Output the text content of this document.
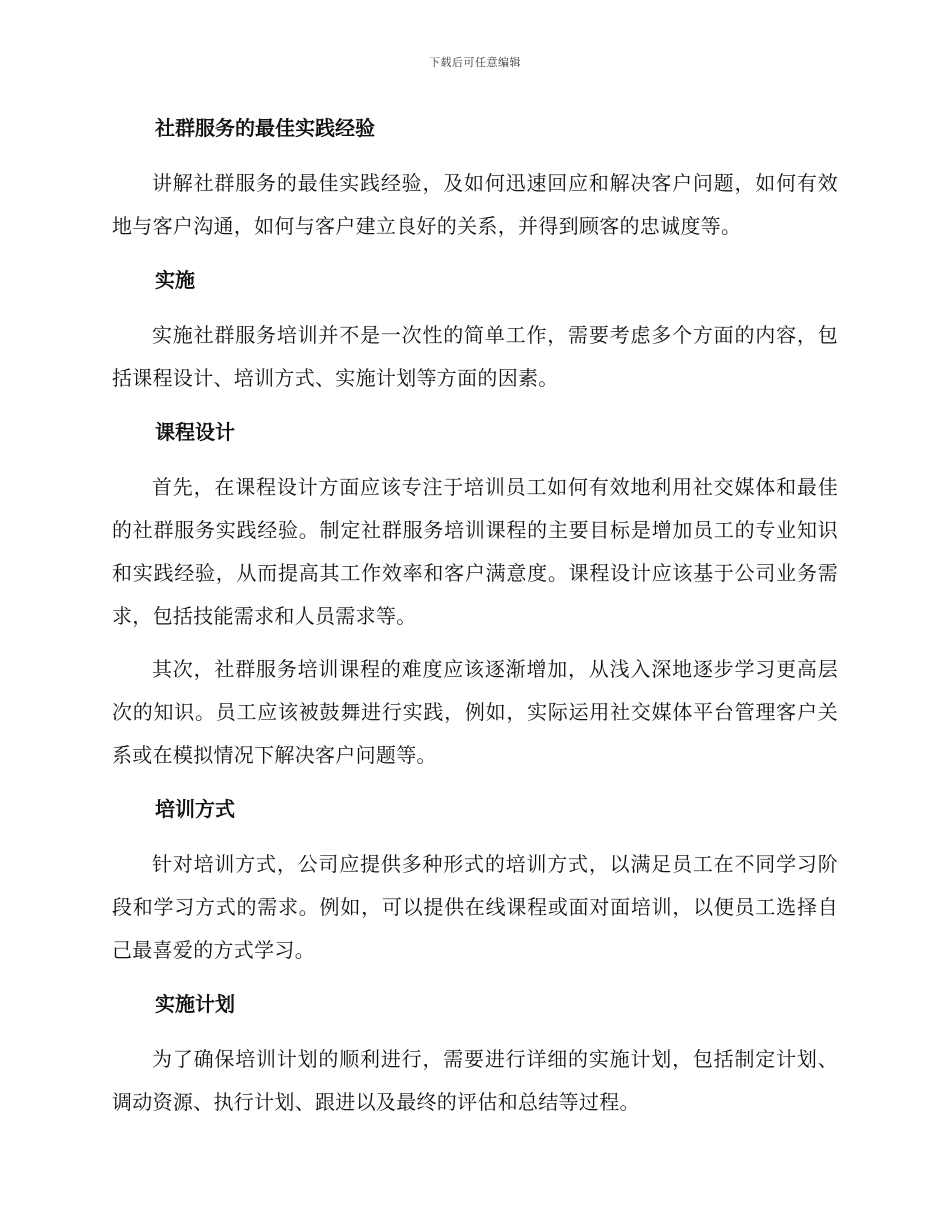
下载后可任意编辑
社群服务的最佳实践经验

讲解社群服务的最佳实践经验，及如何迅速回应和解决客户问题，如何有效地与客户沟通，如何与客户建立良好的关系，并得到顾客的忠诚度等。

实施

实施社群服务培训并不是一次性的简单工作，需要考虑多个方面的内容，包括课程设计、培训方式、实施计划等方面的因素。

课程设计

首先，在课程设计方面应该专注于培训员工如何有效地利用社交媒体和最佳的社群服务实践经验。制定社群服务培训课程的主要目标是增加员工的专业知识和实践经验，从而提高其工作效率和客户满意度。课程设计应该基于公司业务需求，包括技能需求和人员需求等。

其次，社群服务培训课程的难度应该逐渐增加，从浅入深地逐步学习更高层次的知识。员工应该被鼓舞进行实践，例如，实际运用社交媒体平台管理客户关系或在模拟情况下解决客户问题等。

培训方式

针对培训方式，公司应提供多种形式的培训方式，以满足员工在不同学习阶段和学习方式的需求。例如，可以提供在线课程或面对面培训，以便员工选择自己最喜爱的方式学习。

实施计划

为了确保培训计划的顺利进行，需要进行详细的实施计划，包括制定计划、调动资源、执行计划、跟进以及最终的评估和总结等过程。
